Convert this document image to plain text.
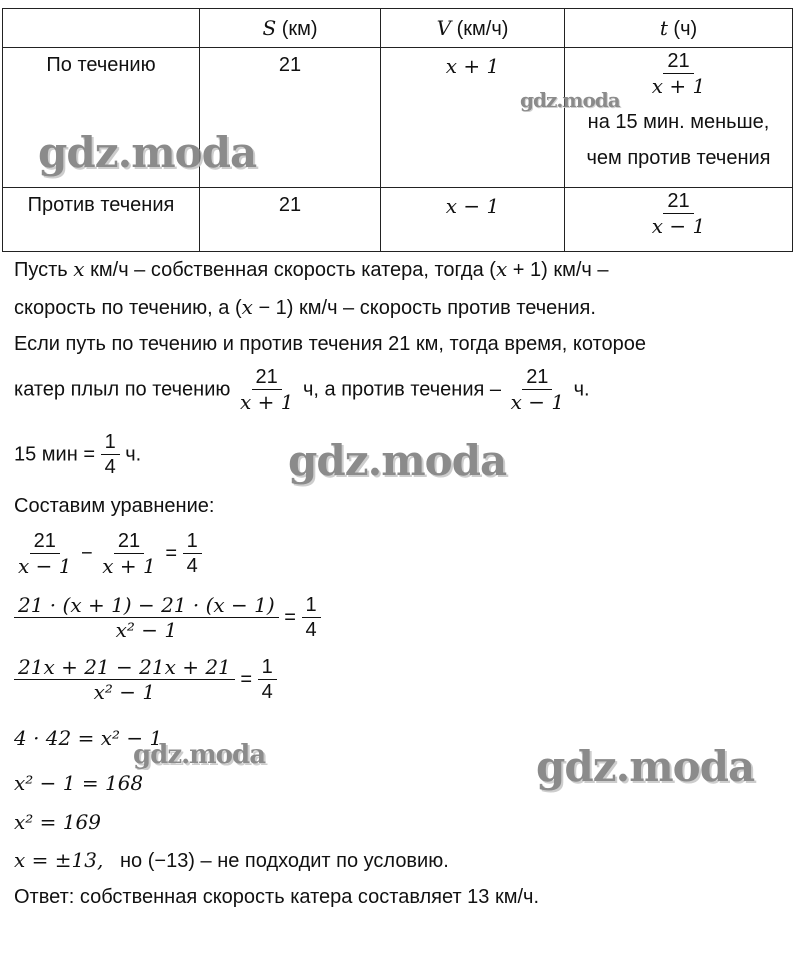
	S (км)	V (км/ч)	t (ч)
По течению	21	x + 1	$\frac{21}{x + 1}$
на 15 мин. меньше,
чем против течения

Против течения	21	x − 1	$\frac{21}{x - 1}$
Пусть x км/ч – собственная скорость катера, тогда (x + 1) км/ч –
скорость по течению, а (x − 1) км/ч – скорость против течения.
Если путь по течению и против течения 21 км, тогда время, которое
катер плыл по течению $\frac{21}{x + 1} ч$, а против течения – $\frac{21}{x - 1} ч$.
15 мин = $\frac{1}{4} ч$.
Составим уравнение:
$\frac{21}{x - 1} - \frac{21}{x + 1} = \frac{1}{4}$
$\frac{21 \cdot (x + 1) - 21 \cdot (x - 1)}{\text{x² − 1}} = \frac{1}{4}$
$\frac{21x + 21 - 21x + 21}{\text{x² − 1}} = \frac{1}{4}$
4 · 42 = x² − 1
x² − 1 = 168
x² = 169
x = ±13, но (−13) – не подходит по условию.
Ответ: собственная скорость катера составляет 13 км/ч.
gdz.moda
gdz.moda
gdz.moda
gdz.moda	gdz.moda
